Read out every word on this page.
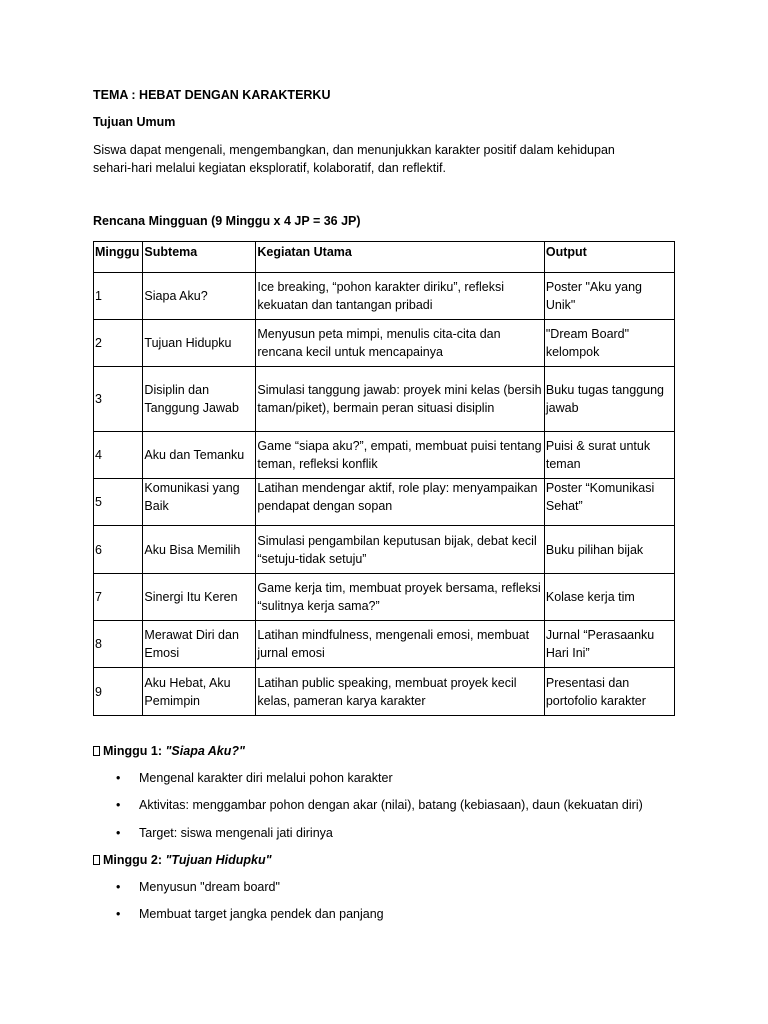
TEMA : HEBAT DENGAN KARAKTERKU
Tujuan Umum
Siswa dapat mengenali, mengembangkan, dan menunjukkan karakter positif dalam kehidupan sehari-hari melalui kegiatan eksploratif, kolaboratif, dan reflektif.
Rencana Mingguan (9 Minggu x 4 JP = 36 JP)
Minggu	Subtema	Kegiatan Utama	Output
1	Siapa Aku?	Ice breaking, “pohon karakter diriku”, refleksi kekuatan dan tantangan pribadi	Poster "Aku yang Unik"
2	Tujuan Hidupku	Menyusun peta mimpi, menulis cita-cita dan rencana kecil untuk mencapainya	"Dream Board" kelompok
3	Disiplin dan Tanggung Jawab	Simulasi tanggung jawab: proyek mini kelas (bersih taman/piket), bermain peran situasi disiplin	Buku tugas tanggung jawab
4	Aku dan Temanku	Game “siapa aku?”, empati, membuat puisi tentang teman, refleksi konflik	Puisi & surat untuk teman
5	Komunikasi yang Baik	Latihan mendengar aktif, role play: menyampaikan pendapat dengan sopan	Poster “Komunikasi Sehat”
6	Aku Bisa Memilih	Simulasi pengambilan keputusan bijak, debat kecil “setuju-tidak setuju”	Buku pilihan bijak
7	Sinergi Itu Keren	Game kerja tim, membuat proyek bersama, refleksi “sulitnya kerja sama?”	Kolase kerja tim
8	Merawat Diri dan Emosi	Latihan mindfulness, mengenali emosi, membuat jurnal emosi	Jurnal “Perasaanku Hari Ini”
9	Aku Hebat, Aku Pemimpin	Latihan public speaking, membuat proyek kecil kelas, pameran karya karakter	Presentasi dan portofolio karakter
Minggu 1: "Siapa Aku?"
• Mengenal karakter diri melalui pohon karakter
• Aktivitas: menggambar pohon dengan akar (nilai), batang (kebiasaan), daun (kekuatan diri)
• Target: siswa mengenali jati dirinya
Minggu 2: "Tujuan Hidupku"
• Menyusun "dream board"
• Membuat target jangka pendek dan panjang
